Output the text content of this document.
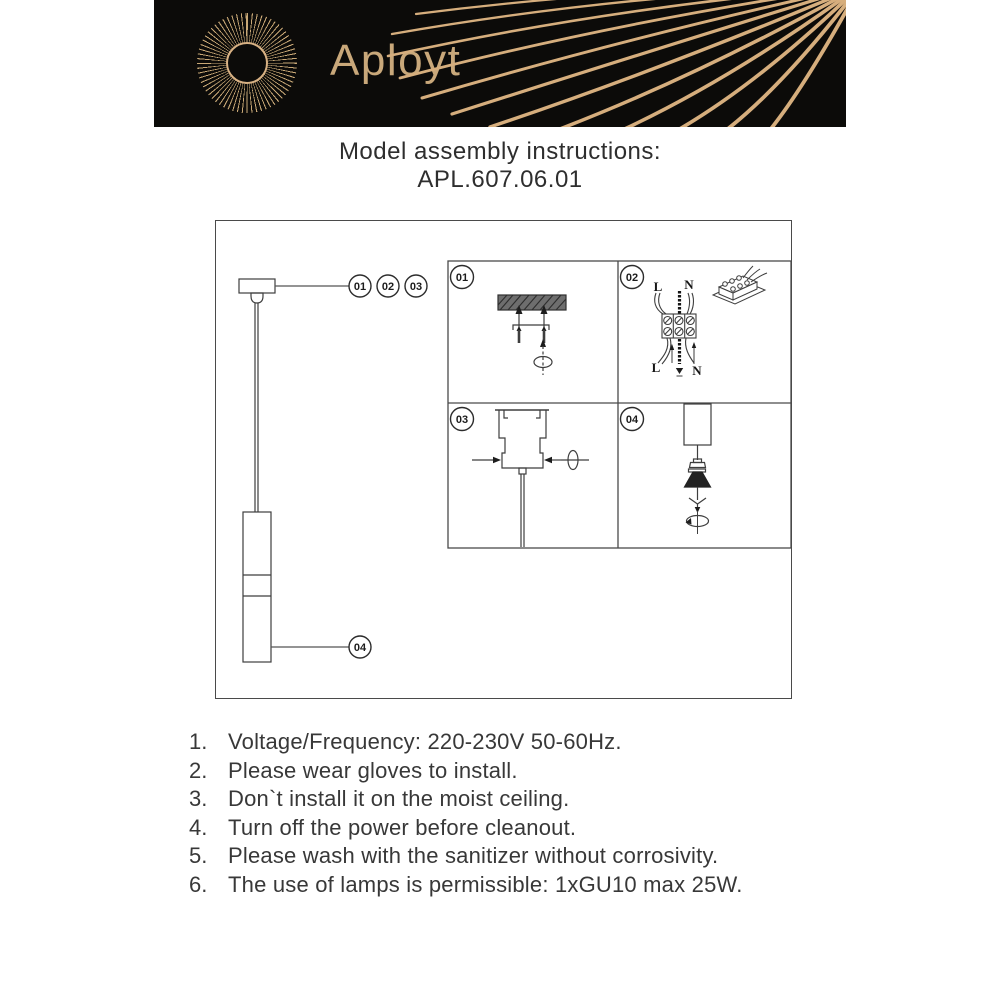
Aployt
Model assembly instructions:
APL.607.06.01
01 02 03
04
01	02
03	04
L N
L N
1. Voltage/Frequency: 220-230V 50-60Hz.
2. Please wear gloves to install.
3. Don`t install it on the moist ceiling.
4. Turn off the power before cleanout.
5. Please wash with the sanitizer without corrosivity.
6. The use of lamps is permissible: 1xGU10 max 25W.
